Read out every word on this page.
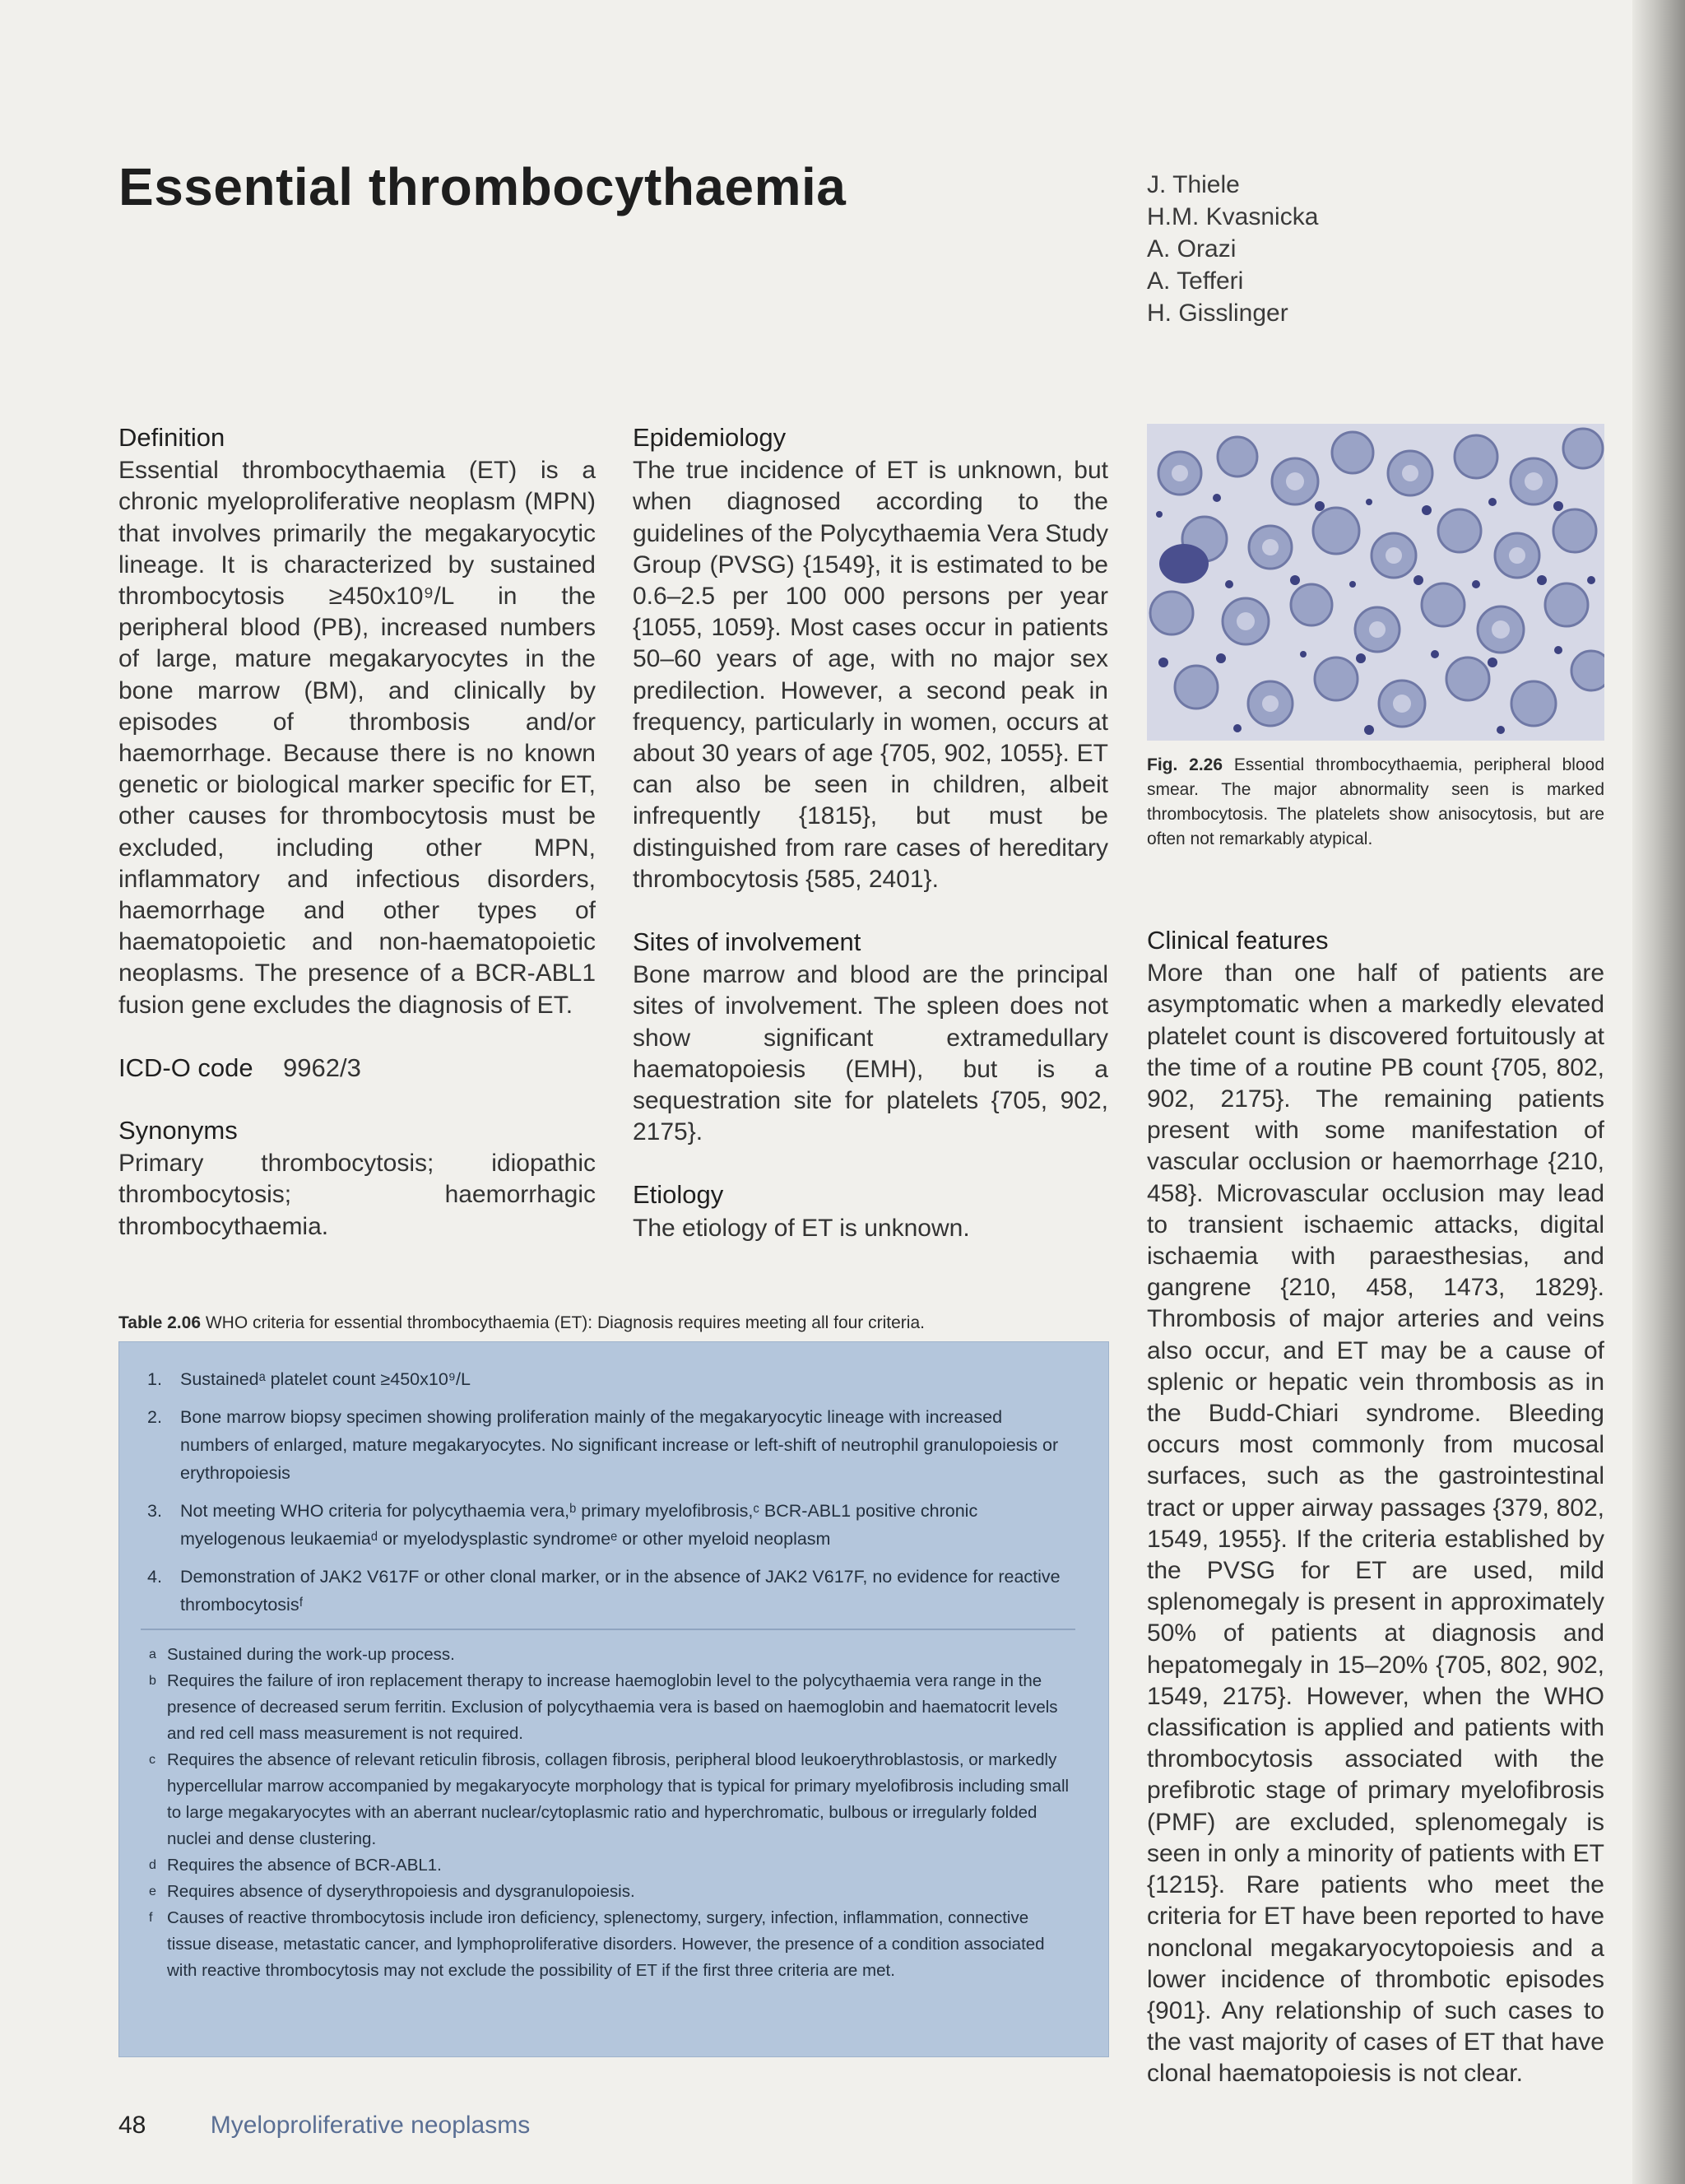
Essential thrombocythaemia	J. Thiele
H.M. Kvasnicka
A. Orazi
A. Tefferi
H. Gisslinger
Definition

Essential thrombocythaemia (ET) is a chronic myeloproliferative neoplasm (MPN) that involves primarily the megakaryocytic lineage. It is characterized by sustained thrombocytosis ≥450x10⁹/L in the peripheral blood (PB), increased numbers of large, mature megakaryocytes in the bone marrow (BM), and clinically by episodes of thrombosis and/or haemorrhage. Because there is no known genetic or biological marker specific for ET, other causes for thrombocytosis must be excluded, including other MPN, inflammatory and infectious disorders, haemorrhage and other types of haematopoietic and non-haematopoietic neoplasms. The presence of a BCR-ABL1 fusion gene excludes the diagnosis of ET.

ICD-O code	9962/3
Synonyms

Primary thrombocytosis; idiopathic thrombocytosis; haemorrhagic thrombocythaemia.

Epidemiology

The true incidence of ET is unknown, but when diagnosed according to the guidelines of the Polycythaemia Vera Study Group (PVSG) {1549}, it is estimated to be 0.6–2.5 per 100 000 persons per year {1055, 1059}. Most cases occur in patients 50–60 years of age, with no major sex predilection. However, a second peak in frequency, particularly in women, occurs at about 30 years of age {705, 902, 1055}. ET can also be seen in children, albeit infrequently {1815}, but must be distinguished from rare cases of hereditary thrombocytosis {585, 2401}.

Sites of involvement

Bone marrow and blood are the principal sites of involvement. The spleen does not show significant extramedullary haematopoiesis (EMH), but is a sequestration site for platelets {705, 902, 2175}.

Etiology

The etiology of ET is unknown.

Fig. 2.26 Essential thrombocythaemia, peripheral blood smear. The major abnormality seen is marked thrombocytosis. The platelets show anisocytosis, but are often not remarkably atypical.
Clinical features

More than one half of patients are asymptomatic when a markedly elevated platelet count is discovered fortuitously at the time of a routine PB count {705, 802, 902, 2175}. The remaining patients present with some manifestation of vascular occlusion or haemorrhage {210, 458}. Microvascular occlusion may lead to transient ischaemic attacks, digital ischaemia with paraesthesias, and gangrene {210, 458, 1473, 1829}. Thrombosis of major arteries and veins also occur, and ET may be a cause of splenic or hepatic vein thrombosis as in the Budd-Chiari syndrome. Bleeding occurs most commonly from mucosal surfaces, such as the gastrointestinal tract or upper airway passages {379, 802, 1549, 1955}. If the criteria established by the PVSG for ET are used, mild splenomegaly is present in approximately 50% of patients at diagnosis and hepatomegaly in 15–20% {705, 802, 902, 1549, 2175}. However, when the WHO classification is applied and patients with thrombocytosis associated with the prefibrotic stage of primary myelofibrosis (PMF) are excluded, splenomegaly is seen in only a minority of patients with ET {1215}. Rare patients who meet the criteria for ET have been reported to have nonclonal megakaryocytopoiesis and a lower incidence of thrombotic episodes {901}. Any relationship of such cases to the vast majority of cases of ET that have clonal haematopoiesis is not clear.

Table 2.06 WHO criteria for essential thrombocythaemia (ET): Diagnosis requires meeting all four criteria.
1.	Sustainedᵃ platelet count ≥450x10⁹/L
2.	Bone marrow biopsy specimen showing proliferation mainly of the megakaryocytic lineage with increased numbers of enlarged, mature megakaryocytes. No significant increase or left-shift of neutrophil granulopoiesis or erythropoiesis
3.	Not meeting WHO criteria for polycythaemia vera,ᵇ primary myelofibrosis,ᶜ BCR-ABL1 positive chronic myelogenous leukaemiaᵈ or myelodysplastic syndromeᵉ or other myeloid neoplasm
4.	Demonstration of JAK2 V617F or other clonal marker, or in the absence of JAK2 V617F, no evidence for reactive thrombocytosisᶠ
a Sustained during the work-up process.
b Requires the failure of iron replacement therapy to increase haemoglobin level to the polycythaemia vera range in the presence of decreased serum ferritin. Exclusion of polycythaemia vera is based on haemoglobin and haematocrit levels and red cell mass measurement is not required.
c Requires the absence of relevant reticulin fibrosis, collagen fibrosis, peripheral blood leukoerythroblastosis, or markedly hypercellular marrow accompanied by megakaryocyte morphology that is typical for primary myelofibrosis including small to large megakaryocytes with an aberrant nuclear/cytoplasmic ratio and hyperchromatic, bulbous or irregularly folded nuclei and dense clustering.
d Requires the absence of BCR-ABL1.
e Requires absence of dyserythropoiesis and dysgranulopoiesis.
f Causes of reactive thrombocytosis include iron deficiency, splenectomy, surgery, infection, inflammation, connective tissue disease, metastatic cancer, and lymphoproliferative disorders. However, the presence of a condition associated with reactive thrombocytosis may not exclude the possibility of ET if the first three criteria are met.
48	Myeloproliferative neoplasms
